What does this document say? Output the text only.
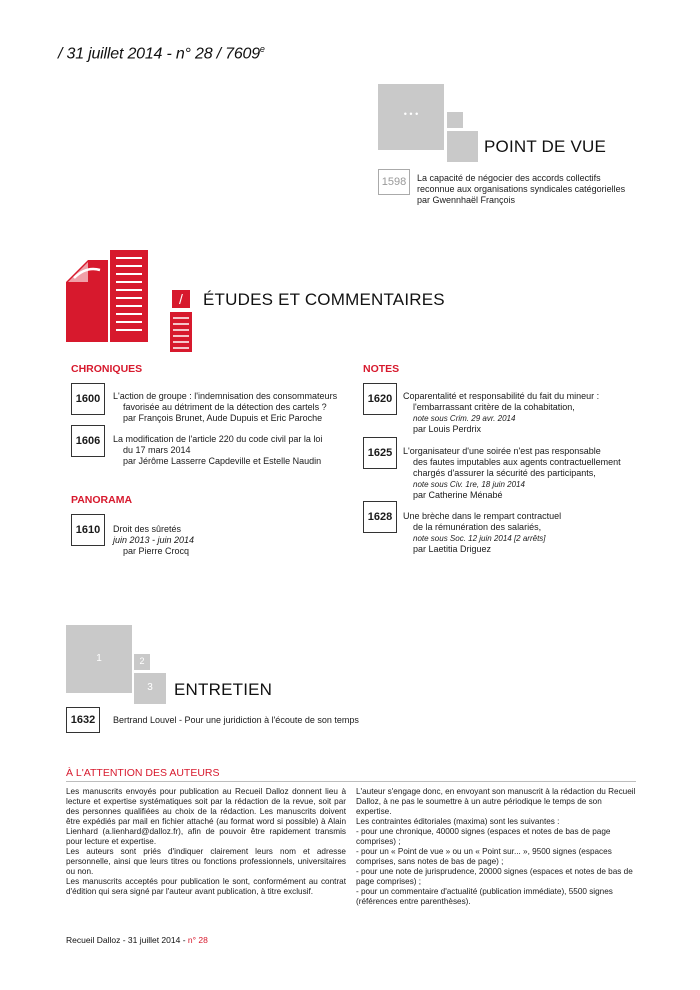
/ 31 juillet 2014 - n° 28 / 7609e
• • •
POINT DE VUE
1598	La capacité de négocier des accords collectifs
reconnue aux organisations syndicales catégorielles
par Gwennhaël François
/	ÉTUDES ET COMMENTAIRES
CHRONIQUES
1600	L'action de groupe : l'indemnisation des consommateurs
favorisée au détriment de la détection des cartels ?
par François Brunet, Aude Dupuis et Eric Paroche
1606	La modification de l'article 220 du code civil par la loi
du 17 mars 2014
par Jérôme Lasserre Capdeville et Estelle Naudin
PANORAMA
1610	Droit des sûretés
juin 2013 - juin 2014
par Pierre Crocq
NOTES
1620	Coparentalité et responsabilité du fait du mineur :
l'embarrassant critère de la cohabitation,
note sous Crim. 29 avr. 2014
par Louis Perdrix
1625	L'organisateur d'une soirée n'est pas responsable
des fautes imputables aux agents contractuellement
chargés d'assurer la sécurité des participants,
note sous Civ. 1re, 18 juin 2014
par Catherine Ménabé
1628	Une brèche dans le rempart contractuel
de la rémunération des salariés,
note sous Soc. 12 juin 2014 [2 arrêts]
par Laetitia Driguez
1	2
3	ENTRETIEN
1632	Bertrand Louvel - Pour une juridiction à l'écoute de son temps
À L'ATTENTION DES AUTEURS

Les manuscrits envoyés pour publication au Recueil Dalloz donnent lieu à lecture et expertise systématiques soit par la rédaction de la revue, soit par des personnes qualifiées au choix de la rédaction. Les manuscrits doivent être expédiés par mail en fichier attaché (au format word si possible) à Alain Lienhard (a.lienhard@dalloz.fr), afin de pouvoir être rapidement transmis pour lecture et expertise.

Les auteurs sont priés d'indiquer clairement leurs nom et adresse personnelle, ainsi que leurs titres ou fonctions professionnels, universitaires ou non.

Les manuscrits acceptés pour publication le sont, conformément au contrat d'édition qui sera signé par l'auteur avant publication, à titre exclusif.

L'auteur s'engage donc, en envoyant son manuscrit à la rédaction du Recueil Dalloz, à ne pas le soumettre à un autre périodique le temps de son expertise.

Les contraintes éditoriales (maxima) sont les suivantes :

- pour une chronique, 40000 signes (espaces et notes de bas de page comprises) ;

- pour un « Point de vue » ou un « Point sur... », 9500 signes (espaces comprises, sans notes de bas de page) ;

- pour une note de jurisprudence, 20000 signes (espaces et notes de bas de page comprises) ;

- pour un commentaire d'actualité (publication immédiate), 5500 signes (références entre parenthèses).

Recueil Dalloz - 31 juillet 2014 - n° 28
